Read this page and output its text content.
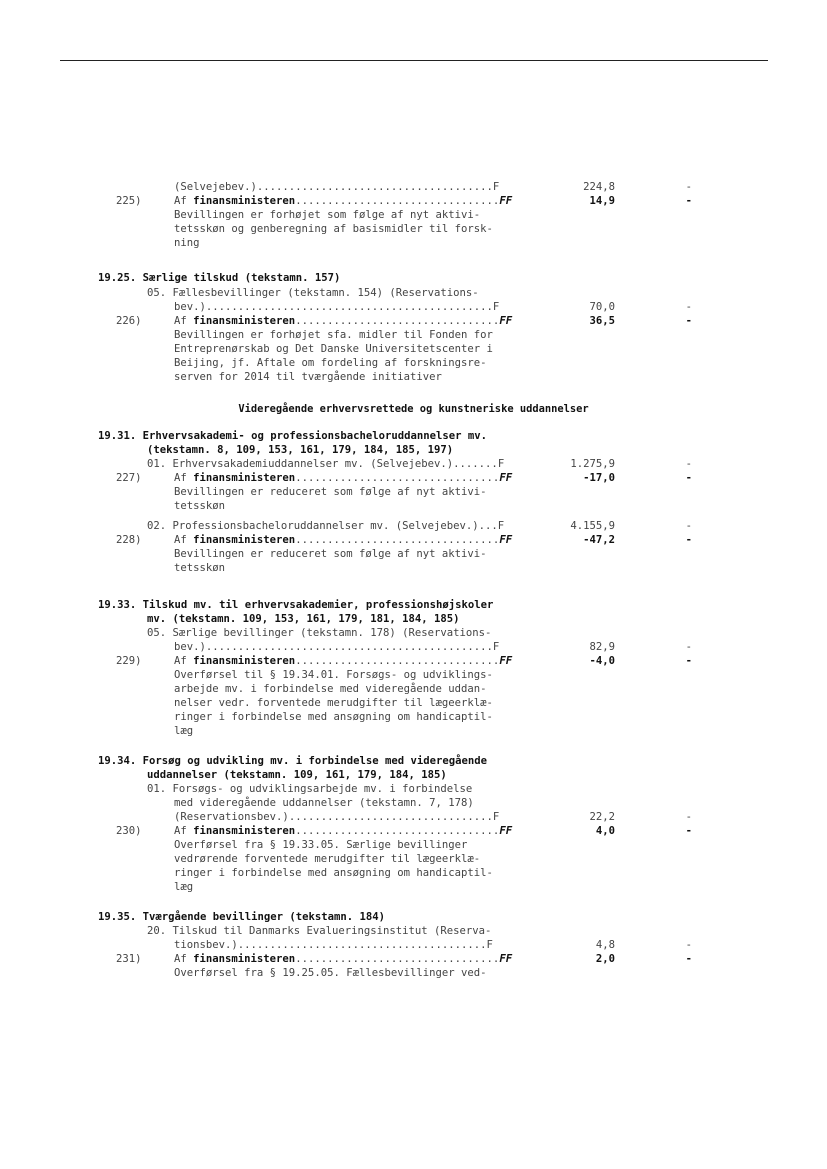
(Selvejebev.).....................................F	224,8	-
225)	Af finansministeren................................FF	14,9	-
Bevillingen er forhøjet som følge af nyt aktivi-
tetsskøn og genberegning af basismidler til forsk-
ning
19.25. Særlige tilskud (tekstamn. 157)
05. Fællesbevillinger (tekstamn. 154) (Reservations-
bev.).............................................F	70,0	-
226)	Af finansministeren................................FF	36,5	-
Bevillingen er forhøjet sfa. midler til Fonden for
Entreprenørskab og Det Danske Universitetscenter i
Beijing, jf. Aftale om fordeling af forskningsre-
serven for 2014 til tværgående initiativer
Videregående erhvervsrettede og kunstneriske uddannelser
19.31. Erhvervsakademi- og professionsbacheloruddannelser mv.
(tekstamn. 8, 109, 153, 161, 179, 184, 185, 197)
01. Erhvervsakademiuddannelser mv. (Selvejebev.).......F	1.275,9	-
227)	Af finansministeren................................FF	-17,0	-
Bevillingen er reduceret som følge af nyt aktivi-
tetsskøn
02. Professionsbacheloruddannelser mv. (Selvejebev.)...F	4.155,9	-
228)	Af finansministeren................................FF	-47,2	-
Bevillingen er reduceret som følge af nyt aktivi-
tetsskøn
19.33. Tilskud mv. til erhvervsakademier, professionshøjskoler
mv. (tekstamn. 109, 153, 161, 179, 181, 184, 185)
05. Særlige bevillinger (tekstamn. 178) (Reservations-
bev.).............................................F	82,9	-
229)	Af finansministeren................................FF	-4,0	-
Overførsel til § 19.34.01. Forsøgs- og udviklings-
arbejde mv. i forbindelse med videregående uddan-
nelser vedr. forventede merudgifter til lægeerklæ-
ringer i forbindelse med ansøgning om handicaptil-
læg
19.34. Forsøg og udvikling mv. i forbindelse med videregående
uddannelser (tekstamn. 109, 161, 179, 184, 185)
01. Forsøgs- og udviklingsarbejde mv. i forbindelse
med videregående uddannelser (tekstamn. 7, 178)
(Reservationsbev.)................................F	22,2	-
230)	Af finansministeren................................FF	4,0	-
Overførsel fra § 19.33.05. Særlige bevillinger
vedrørende forventede merudgifter til lægeerklæ-
ringer i forbindelse med ansøgning om handicaptil-
læg
19.35. Tværgående bevillinger (tekstamn. 184)
20. Tilskud til Danmarks Evalueringsinstitut (Reserva-
tionsbev.).......................................F	4,8	-
231)	Af finansministeren................................FF	2,0	-
Overførsel fra § 19.25.05. Fællesbevillinger ved-
